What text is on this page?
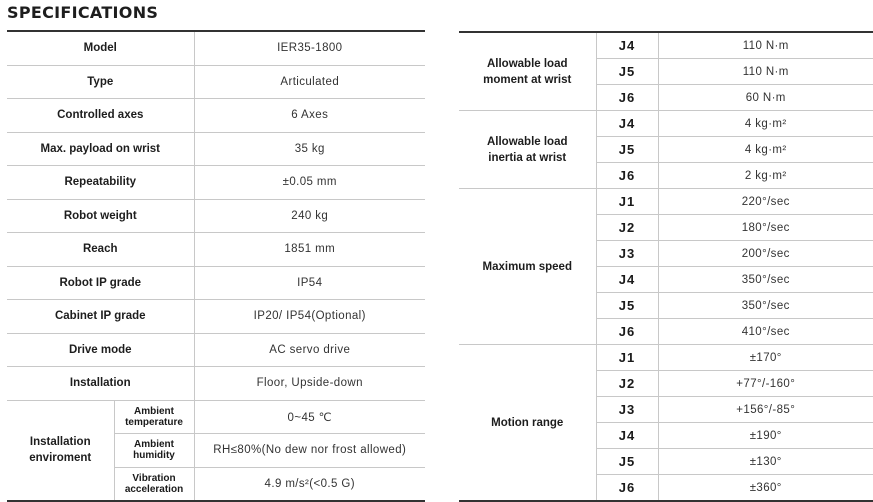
SPECIFICATIONS
Model		IER35-1800
Type		Articulated
Controlled axes		6 Axes
Max. payload on wrist		35 kg
Repeatability		±0.05 mm
Robot weight		240 kg
Reach		1851 mm
Robot IP grade		IP54
Cabinet IP grade		IP20/ IP54(Optional)
Drive mode		AC servo drive
Installation		Floor, Upside-down
Installation enviroment	Ambient temperature	0~45 ℃
	Ambient humidity	RH≤80%(No dew nor frost allowed)
	Vibration acceleration	4.9 m/s²(<0.5 G)
Allowable load moment at wrist	J4	110 N·m
	J5	110 N·m
	J6	60 N·m
Allowable load inertia at wrist	J4	4 kg·m²
	J5	4 kg·m²
	J6	2 kg·m²
Maximum speed	J1	220°/sec
	J2	180°/sec
	J3	200°/sec
	J4	350°/sec
	J5	350°/sec
	J6	410°/sec
Motion range	J1	±170°
	J2	+77°/-160°
	J3	+156°/-85°
	J4	±190°
	J5	±130°
	J6	±360°
